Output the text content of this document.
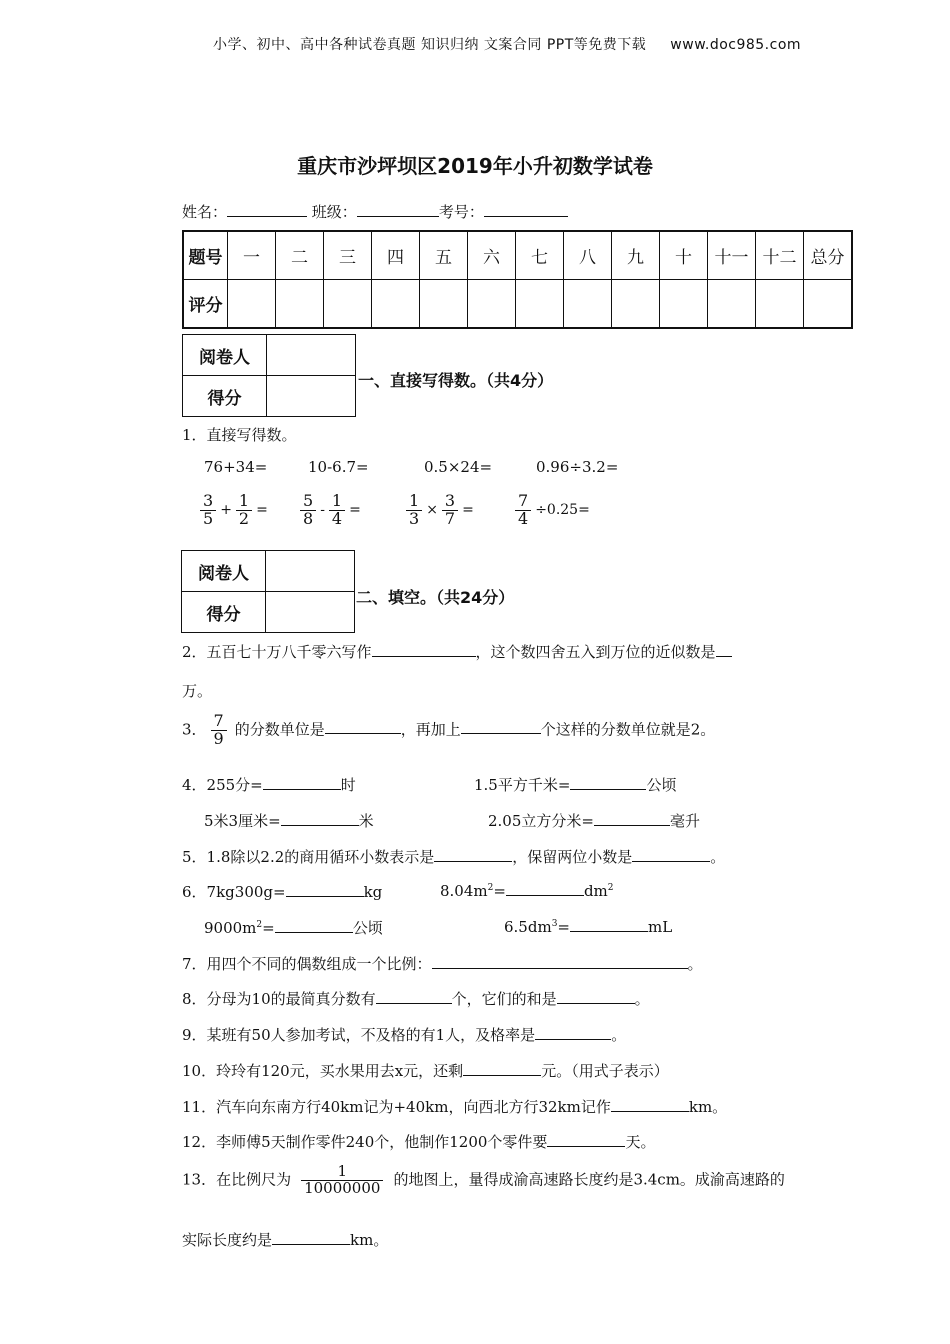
小学、初中、高中各种试卷真题 知识归纳 文案合同 PPT等免费下载 www.doc985.com
重庆市沙坪坝区2019年小升初数学试卷
姓名：	班级：	考号：
题号	一	二	三	四	五	六	七	八	九	十	十一	十二	总分
评分													
阅卷人	
得分	
一、直接写得数。（共4分）
1．直接写得数。
76+34=	10-6.7=	0.5×24=	0.96÷3.2=
$\frac{3}{5} + \frac{1}{2} = \frac{5}{8} - \frac{1}{4}$ =	$\frac{1}{3} \times \frac{3}{7}$ =	$\frac{7}{4} \div 0.25=$
阅卷人	
得分	
二、填空。（共24分）
2．五百七十万八千零六写作	，这个数四舍五入到万位的近似数是
万。
3． $\frac{7}{9}$ 的分数单位是	，再加上	个这样的分数单位就是2。
4．255分=	时	1.5平方千米=	公顷
5米3厘米=	米	2.05立方分米=	毫升
5．1.8除以2.2的商用循环小数表示是	，保留两位小数是	。
6．7kg300g=	kg	$8.04m^2=$	$dm^2$
$9000m^2=$	公顷	$6.5dm^3=$	mL
7．用四个不同的偶数组成一个比例：	。
8．分母为10的最简真分数有	个，它们的和是	。
9．某班有50人参加考试，不及格的有1人，及格率是	。
10．玲玲有120元，买水果用去x元，还剩	元。（用式子表示）
11．汽车向东南方行40km记为+40km，向西北方行32km记作	km。
12．李师傅5天制作零件240个，他制作1200个零件要	天。
13．在比例尺为 $\frac{1}{10000000}$ 的地图上，量得成渝高速路长度约是3.4cm。成渝高速路的
实际长度约是	km。
